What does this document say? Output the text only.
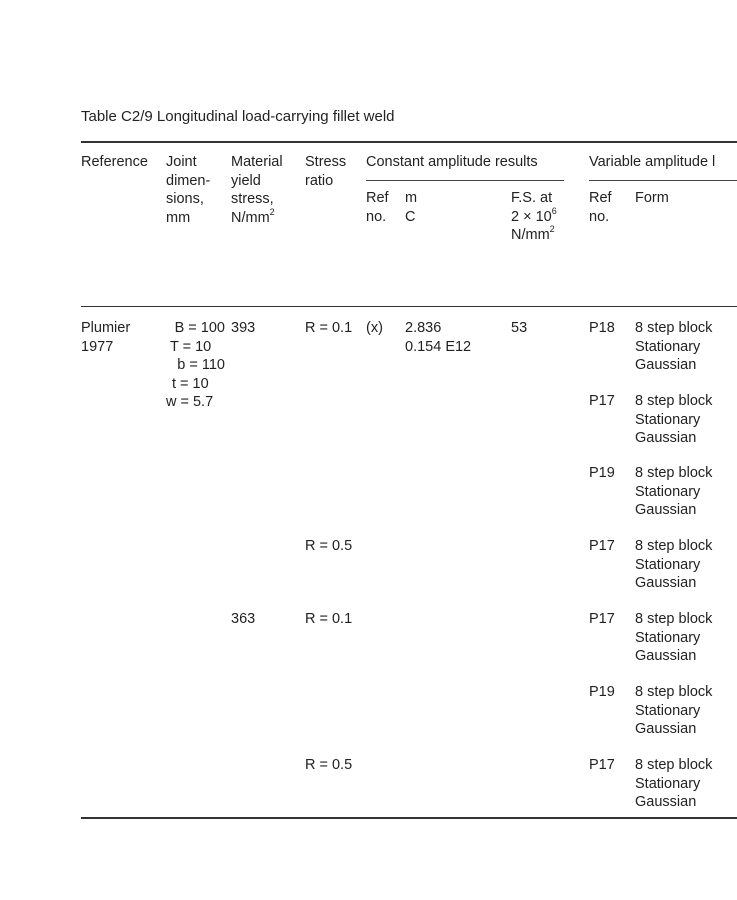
Table C2/9 Longitudinal load-carrying fillet weld
Reference Joint
dimen-
sions,
mm
Material
yield
stress,
$N/mm^2$
Stress
ratio
Constant amplitude results	Variable amplitude l
Ref
no.
m
C
F.S. at
$2 \times 10^6$
$N/mm^2$
Ref
no.
Form
Plumier
1977
B = 100
T = 10
b = 110
t = 10
w = 5.7
393
363
R = 0.1
R = 0.5
R = 0.1
R = 0.5
(x) 2.836
0.154 E12
53	P18 8 step block
Stationary
Gaussian
P17 8 step block
Stationary
Gaussian
P19 8 step block
Stationary
Gaussian
P17 8 step block
Stationary
Gaussian
P17 8 step block
Stationary
Gaussian
P19 8 step block
Stationary
Gaussian
P17 8 step block
Stationary
Gaussian
